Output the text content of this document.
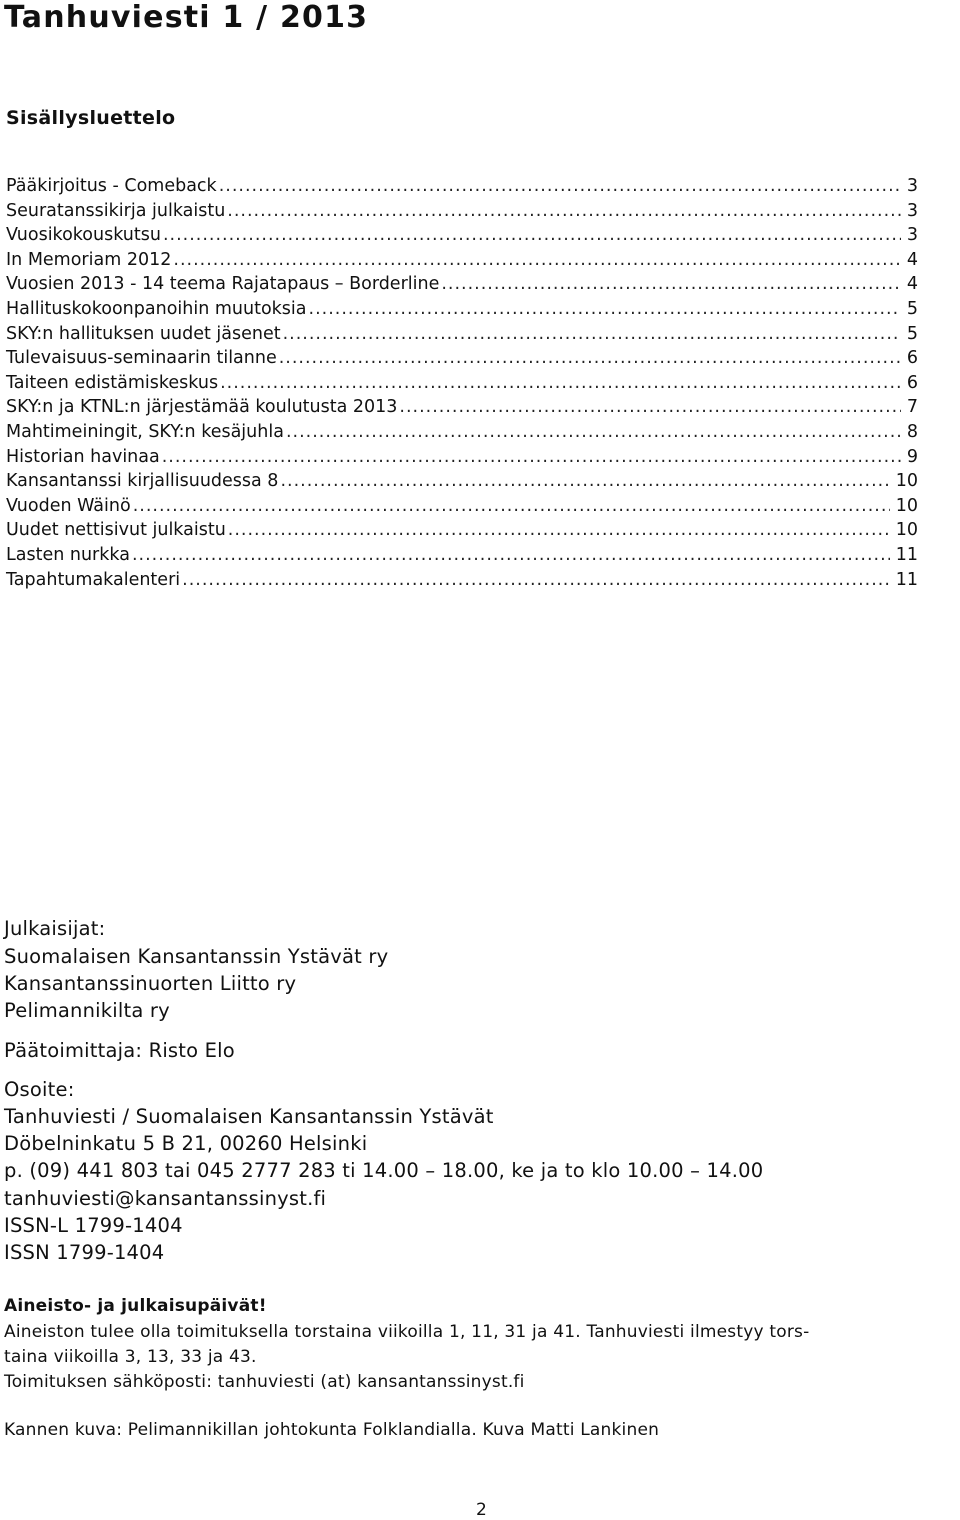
Tanhuviesti 1 / 2013
Sisällysluettelo
Pääkirjoitus - Comeback .....	3
Seuratanssikirja julkaistu .....	3
Vuosikokouskutsu .....	3
In Memoriam 2012 .....	4
Vuosien 2013 - 14 teema Rajatapaus – Borderline .....	4
Hallituskokoonpanoihin muutoksia .....	5
SKY:n hallituksen uudet jäsenet .....	5
Tulevaisuus-seminaarin tilanne .....	6
Taiteen edistämiskeskus .....	6
SKY:n ja KTNL:n järjestämää koulutusta 2013 .....	7
Mahtimeiningit, SKY:n kesäjuhla .....	8
Historian havinaa .....	9
Kansantanssi kirjallisuudessa 8 .....	10
Vuoden Wäinö .....	10
Uudet nettisivut julkaistu .....	10
Lasten nurkka .....	11
Tapahtumakalenteri .....	11
Julkaisijat:
Suomalaisen Kansantanssin Ystävät ry
Kansantanssinuorten Liitto ry
Pelimannikilta ry
Päätoimittaja: Risto Elo
Osoite:
Tanhuviesti / Suomalaisen Kansantanssin Ystävät
Döbelninkatu 5 B 21, 00260 Helsinki
p. (09) 441 803 tai 045 2777 283 ti 14.00 – 18.00, ke ja to klo 10.00 – 14.00
tanhuviesti@kansantanssinyst.fi
ISSN-L 1799-1404
ISSN 1799-1404
Aineisto- ja julkaisupäivät!
Aineiston tulee olla toimituksella torstaina viikoilla 1, 11, 31 ja 41. Tanhuviesti ilmestyy tors-
taina viikoilla 3, 13, 33 ja 43.
Toimituksen sähköposti: tanhuviesti (at) kansantanssinyst.fi
Kannen kuva: Pelimannikillan johtokunta Folklandialla. Kuva Matti Lankinen
2
